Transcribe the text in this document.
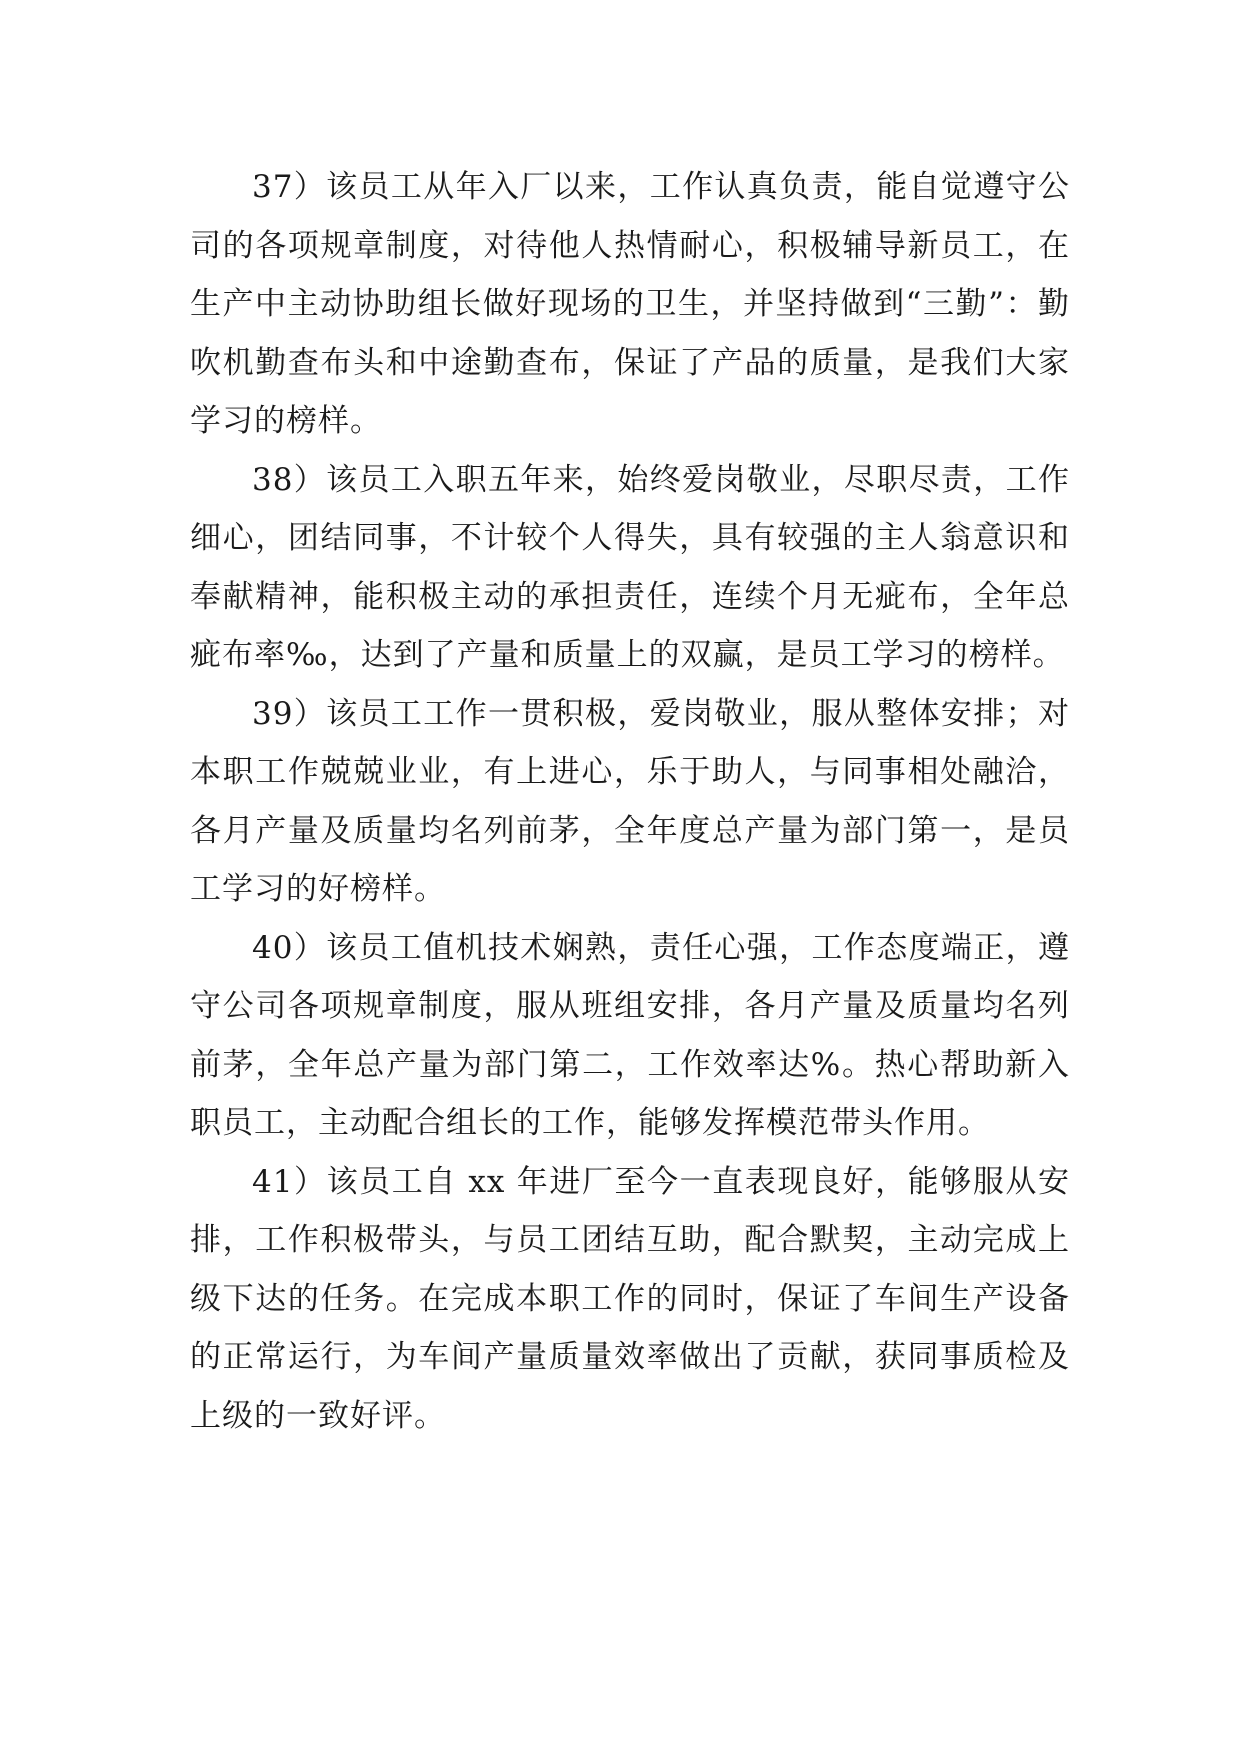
37）该员工从年入厂以来，工作认真负责，能自觉遵守公司的各项规章制度，对待他人热情耐心，积极辅导新员工，在生产中主动协助组长做好现场的卫生，并坚持做到“三勤”：勤吹机勤查布头和中途勤查布，保证了产品的质量，是我们大家学习的榜样。

38）该员工入职五年来，始终爱岗敬业，尽职尽责，工作细心，团结同事，不计较个人得失，具有较强的主人翁意识和奉献精神，能积极主动的承担责任，连续个月无疵布，全年总疵布率‰，达到了产量和质量上的双赢，是员工学习的榜样。

39）该员工工作一贯积极，爱岗敬业，服从整体安排；对本职工作兢兢业业，有上进心，乐于助人，与同事相处融洽，各月产量及质量均名列前茅，全年度总产量为部门第一，是员工学习的好榜样。

40）该员工值机技术娴熟，责任心强，工作态度端正，遵守公司各项规章制度，服从班组安排，各月产量及质量均名列前茅，全年总产量为部门第二，工作效率达%。热心帮助新入职员工，主动配合组长的工作，能够发挥模范带头作用。

41）该员工自 xx 年进厂至今一直表现良好，能够服从安排，工作积极带头，与员工团结互助，配合默契，主动完成上级下达的任务。在完成本职工作的同时，保证了车间生产设备的正常运行，为车间产量质量效率做出了贡献，获同事质检及上级的一致好评。
